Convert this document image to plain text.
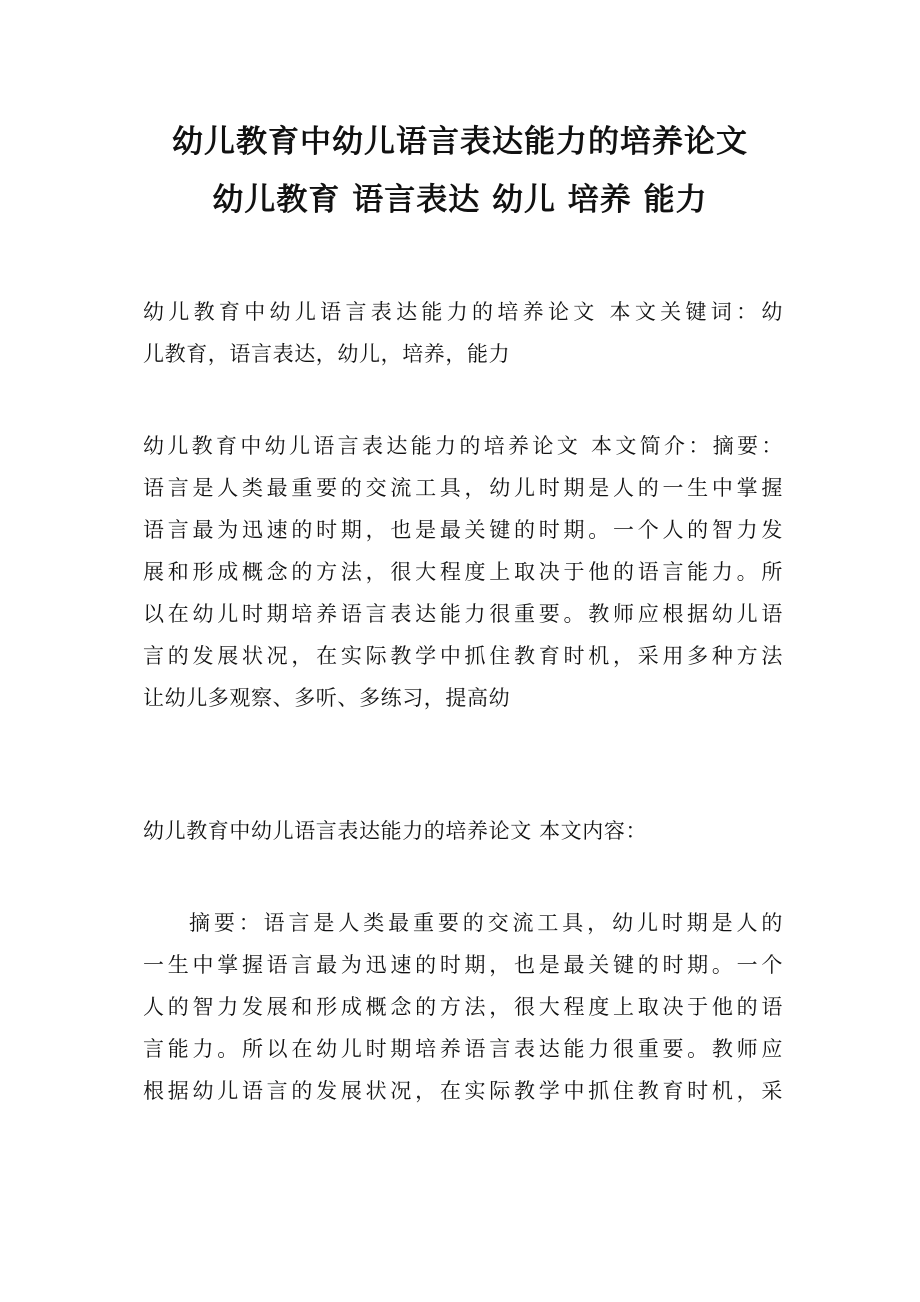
幼儿教育中幼儿语言表达能力的培养论文
幼儿教育 语言表达 幼儿 培养 能力
幼儿教育中幼儿语言表达能力的培养论文 本文关键词：幼
儿教育，语言表达，幼儿，培养，能力
幼儿教育中幼儿语言表达能力的培养论文 本文简介：摘要：
语言是人类最重要的交流工具，幼儿时期是人的一生中掌握
语言最为迅速的时期，也是最关键的时期。一个人的智力发
展和形成概念的方法，很大程度上取决于他的语言能力。所
以在幼儿时期培养语言表达能力很重要。教师应根据幼儿语
言的发展状况，在实际教学中抓住教育时机，采用多种方法
让幼儿多观察、多听、多练习，提高幼
幼儿教育中幼儿语言表达能力的培养论文 本文内容：
摘要：语言是人类最重要的交流工具，幼儿时期是人的
一生中掌握语言最为迅速的时期，也是最关键的时期。一个
人的智力发展和形成概念的方法，很大程度上取决于他的语
言能力。所以在幼儿时期培养语言表达能力很重要。教师应
根据幼儿语言的发展状况，在实际教学中抓住教育时机，采
